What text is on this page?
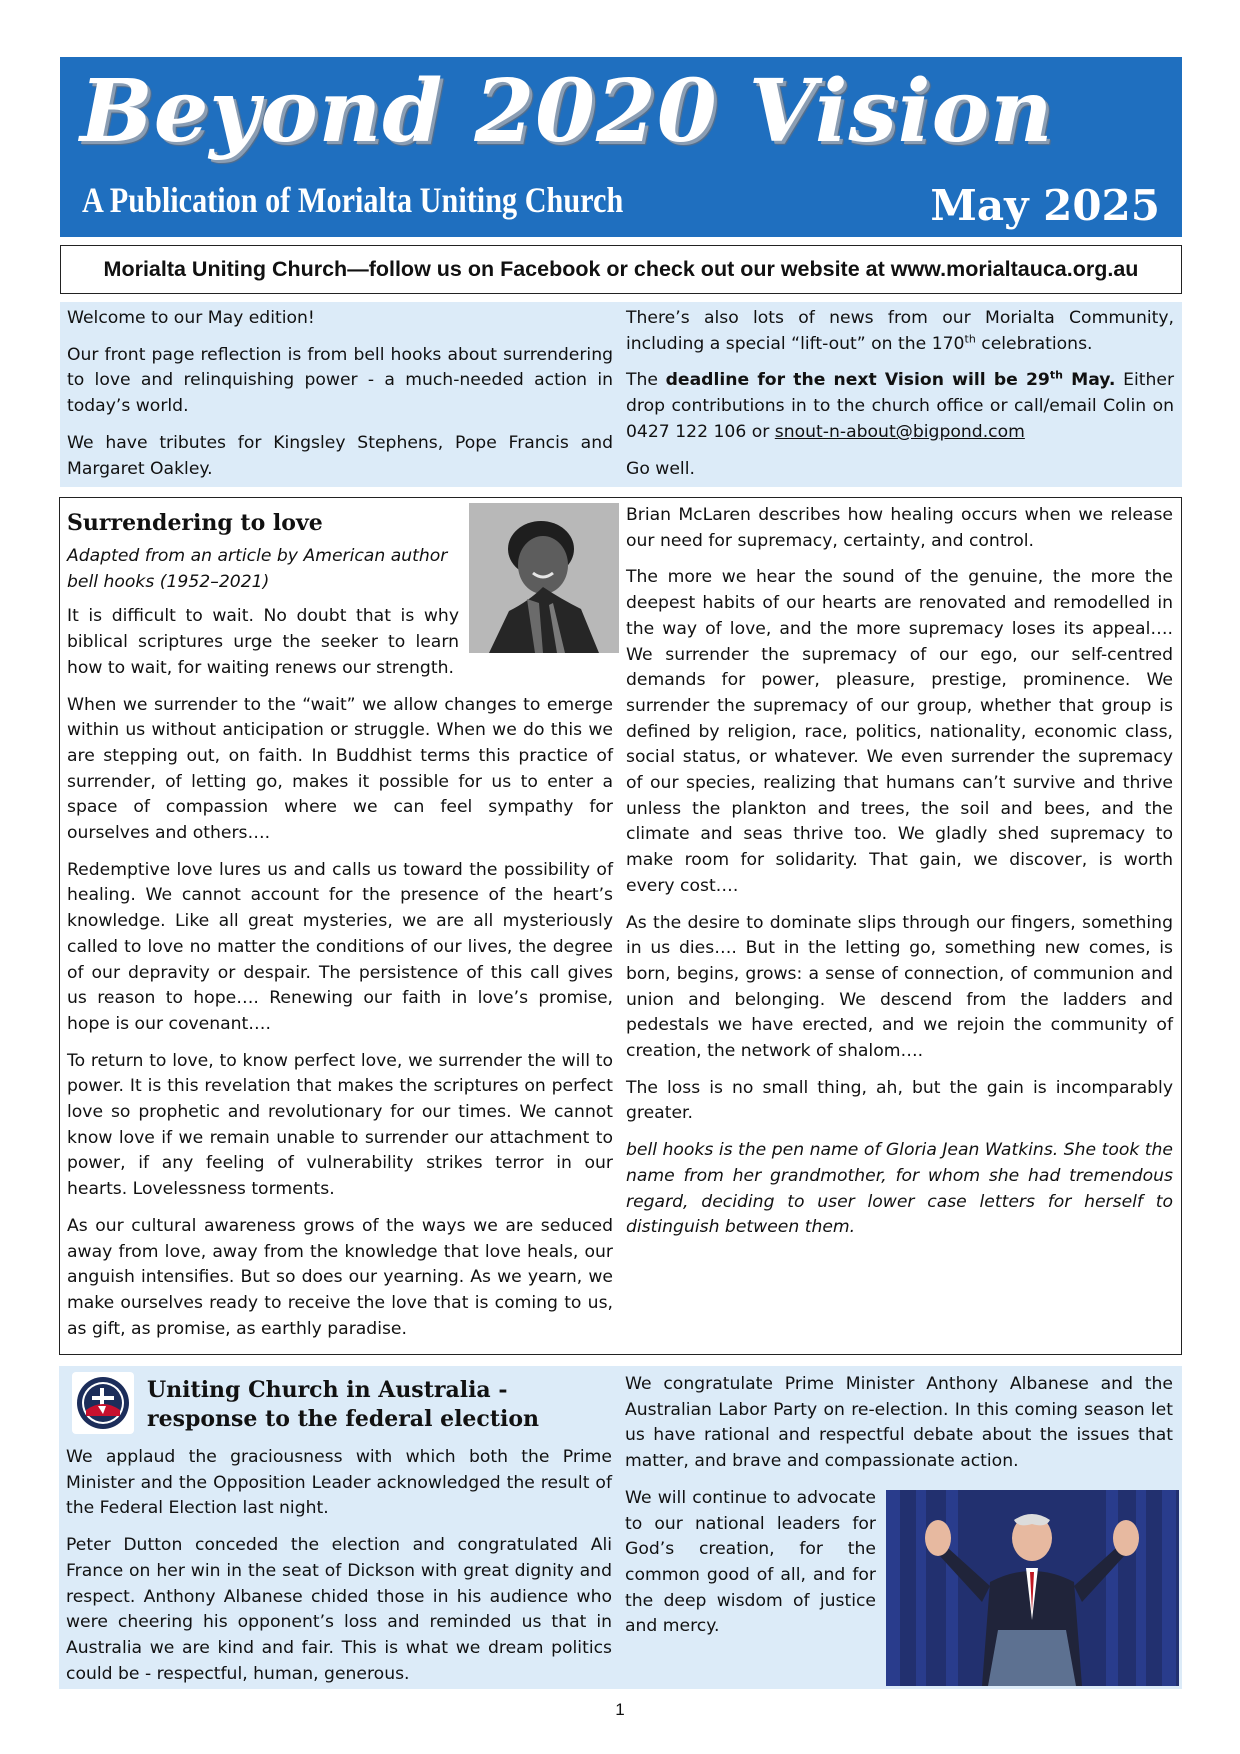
Beyond 2020 Vision
A Publication of Morialta Uniting Church	May 2025
Morialta Uniting Church—follow us on Facebook or check out our website at www.morialtauca.org.au

Welcome to our May edition!

Our front page reflection is from bell hooks about surrendering to love and relinquishing power - a much-needed action in today’s world.

We have tributes for Kingsley Stephens, Pope Francis and Margaret Oakley.

There’s also lots of news from our Morialta Community, including a special “lift-out” on the 170th celebrations.

The deadline for the next Vision will be 29th May. Either drop contributions in to the church office or call/email Colin on 0427 122 106 or snout-n-about@bigpond.com

Go well.

Surrendering to love
Adapted from an article by American author bell hooks (1952–2021)

It is difficult to wait. No doubt that is why biblical scriptures urge the seeker to learn how to wait, for waiting renews our strength.

When we surrender to the “wait” we allow changes to emerge within us without anticipation or struggle. When we do this we are stepping out, on faith. In Buddhist terms this practice of surrender, of letting go, makes it possible for us to enter a space of compassion where we can feel sympathy for ourselves and others….

Redemptive love lures us and calls us toward the possibility of healing. We cannot account for the presence of the heart’s knowledge. Like all great mysteries, we are all mysteriously called to love no matter the conditions of our lives, the degree of our depravity or despair. The persistence of this call gives us reason to hope…. Renewing our faith in love’s promise, hope is our covenant….

To return to love, to know perfect love, we surrender the will to power. It is this revelation that makes the scriptures on perfect love so prophetic and revolutionary for our times. We cannot know love if we remain unable to surrender our attachment to power, if any feeling of vulnerability strikes terror in our hearts. Lovelessness torments.

As our cultural awareness grows of the ways we are seduced away from love, away from the knowledge that love heals, our anguish intensifies. But so does our yearning. As we yearn, we make ourselves ready to receive the love that is coming to us, as gift, as promise, as earthly paradise.

Brian McLaren describes how healing occurs when we release our need for supremacy, certainty, and control.

The more we hear the sound of the genuine, the more the deepest habits of our hearts are renovated and remodelled in the way of love, and the more supremacy loses its appeal…. We surrender the supremacy of our ego, our self-centred demands for power, pleasure, prestige, prominence. We surrender the supremacy of our group, whether that group is defined by religion, race, politics, nationality, economic class, social status, or whatever. We even surrender the supremacy of our species, realizing that humans can’t survive and thrive unless the plankton and trees, the soil and bees, and the climate and seas thrive too. We gladly shed supremacy to make room for solidarity. That gain, we discover, is worth every cost….

As the desire to dominate slips through our fingers, something in us dies…. But in the letting go, something new comes, is born, begins, grows: a sense of connection, of communion and union and belonging. We descend from the ladders and pedestals we have erected, and we rejoin the community of creation, the network of shalom….

The loss is no small thing, ah, but the gain is incomparably greater.

bell hooks is the pen name of Gloria Jean Watkins. She took the name from her grandmother, for whom she had tremendous regard, deciding to user lower case letters for herself to distinguish between them.

Uniting Church in Australia -
response to the federal election

We applaud the graciousness with which both the Prime Minister and the Opposition Leader acknowledged the result of the Federal Election last night.

Peter Dutton conceded the election and congratulated Ali France on her win in the seat of Dickson with great dignity and respect. Anthony Albanese chided those in his audience who were cheering his opponent’s loss and reminded us that in Australia we are kind and fair. This is what we dream politics could be - respectful, human, generous.

We congratulate Prime Minister Anthony Albanese and the Australian Labor Party on re-election. In this coming season let us have rational and respectful debate about the issues that matter, and brave and compassionate action.

We will continue to advocate to our national leaders for God’s creation, for the common good of all, and for the deep wisdom of justice and mercy.

1
